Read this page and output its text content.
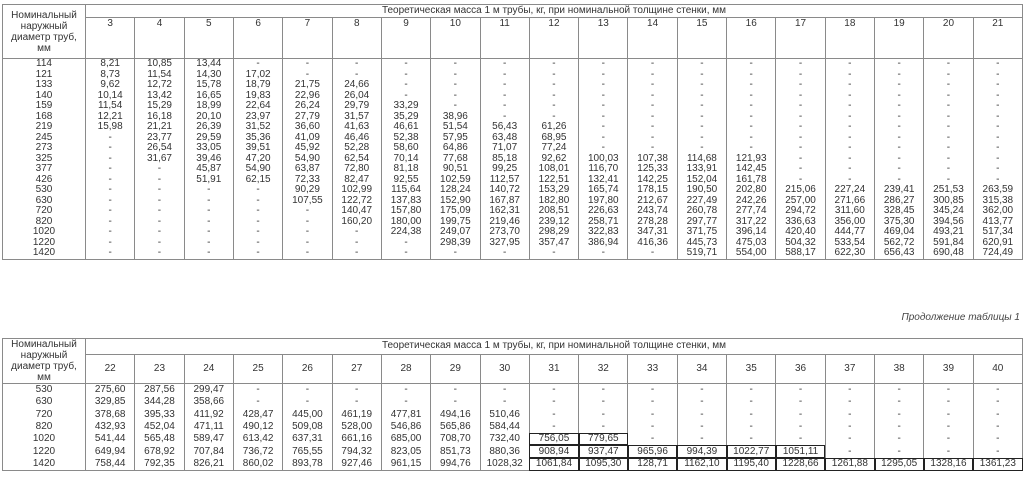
Номинальный наружный диаметр труб, мм	Теоретическая масса 1 м трубы, кг, при номинальной толщине стенки, мм																		
	3	4	5	6	7	8	9	10	11	12	13	14	15	16	17	18	19	20	21
114	8,21	10,85	13,44	-	-	-	-	-	-	-	-	-	-	-	-	-	-	-	-
121	8,73	11,54	14,30	17,02	-	-	-	-	-	-	-	-	-	-	-	-	-	-	-
133	9,62	12,72	15,78	18,79	21,75	24,66	-	-	-	-	-	-	-	-	-	-	-	-	-
140	10,14	13,42	16,65	19,83	22,96	26,04	-	-	-	-	-	-	-	-	-	-	-	-	-
159	11,54	15,29	18,99	22,64	26,24	29,79	33,29	-	-	-	-	-	-	-	-	-	-	-	-
168	12,21	16,18	20,10	23,97	27,79	31,57	35,29	38,96	-	-	-	-	-	-	-	-	-	-	-
219	15,98	21,21	26,39	31,52	36,60	41,63	46,61	51,54	56,43	61,26	-	-	-	-	-	-	-	-	-
245	-	23,77	29,59	35,36	41,09	46,46	52,38	57,95	63,48	68,95	-	-	-	-	-	-	-	-	-
273	-	26,54	33,05	39,51	45,92	52,28	58,60	64,86	71,07	77,24	-	-	-	-	-	-	-	-	-
325	-	31,67	39,46	47,20	54,90	62,54	70,14	77,68	85,18	92,62	100,03	107,38	114,68	121,93	-	-	-	-	-
377	-	-	45,87	54,90	63,87	72,80	81,18	90,51	99,25	108,01	116,70	125,33	133,91	142,45	-	-	-	-	-
426	-	-	51,91	62,15	72,33	82,47	92,55	102,59	112,57	122,51	132,41	142,25	152,04	161,78	-	-	-	-	-
530	-	-	-	-	90,29	102,99	115,64	128,24	140,72	153,29	165,74	178,15	190,50	202,80	215,06	227,24	239,41	251,53	263,59
630	-	-	-	-	107,55	122,72	137,83	152,90	167,87	182,80	197,80	212,67	227,49	242,26	257,00	271,66	286,27	300,85	315,38
720	-	-	-	-	-	140,47	157,80	175,09	162,31	208,51	226,63	243,74	260,78	277,74	294,72	311,60	328,45	345,24	362,00
820	-	-	-	-	-	160,20	180,00	199,75	219,46	239,12	258,71	278,28	297,77	317,22	336,63	356,00	375,30	394,56	413,77
1020	-	-	-	-	-	-	224,38	249,07	273,70	298,29	322,83	347,31	371,75	396,14	420,40	444,77	469,04	493,21	517,34
1220	-	-	-	-	-	-	-	298,39	327,95	357,47	386,94	416,36	445,73	475,03	504,32	533,54	562,72	591,84	620,91
1420	-	-	-	-	-	-	-	-	-	-	-	-	519,71	554,00	588,17	622,30	656,43	690,48	724,49
Продолжение таблицы 1
Номинальный наружный диаметр труб, мм	Теоретическая масса 1 м трубы, кг, при номинальной толщине стенки, мм																		
	22	23	24	25	26	27	28	29	30	31	32	33	34	35	36	37	38	39	40
530	275,60	287,56	299,47	-	-	-	-	-	-	-	-	-	-	-	-	-	-	-	-
630	329,85	344,28	358,66	-	-	-	-	-	-	-	-	-	-	-	-	-	-	-	-
720	378,68	395,33	411,92	428,47	445,00	461,19	477,81	494,16	510,46	-	-	-	-	-	-	-	-	-	-
820	432,93	452,04	471,11	490,12	509,08	528,00	546,86	565,86	584,44	-	-	-	-	-	-	-	-	-	-
1020	541,44	565,48	589,47	613,42	637,31	661,16	685,00	708,70	732,40	756,05	779,65	-	-	-	-	-	-	-	-
1220	649,94	678,92	707,84	736,72	765,55	794,32	823,05	851,73	880,36	908,94	937,47	965,96	994,39	1022,77	1051,11	-	-	-	-
1420	758,44	792,35	826,21	860,02	893,78	927,46	961,15	994,76	1028,32	1061,84	1095,30	128,71	1162,10	1195,40	1228,66	1261,88	1295,05	1328,16	1361,23
